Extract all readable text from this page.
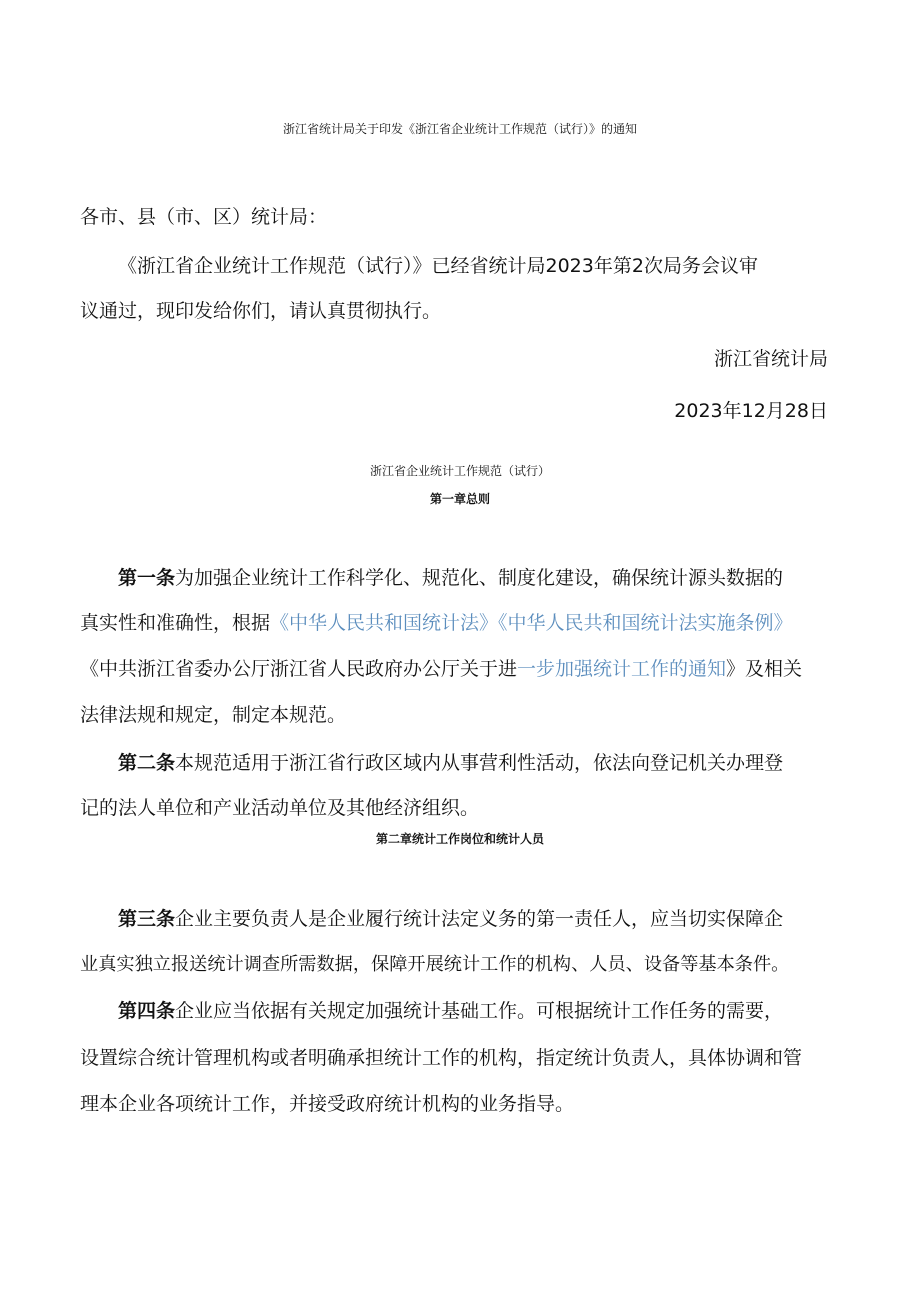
浙江省统计局关于印发《浙江省企业统计工作规范（试行）》的通知
各市、县（市、区）统计局：
《浙江省企业统计工作规范（试行）》已经省统计局2023年第2次局务会议审
议通过，现印发给你们，请认真贯彻执行。
浙江省统计局
2023年12月28日
浙江省企业统计工作规范（试行）
第一章总则
第一条为加强企业统计工作科学化、规范化、制度化建设，确保统计源头数据的
真实性和准确性，根据《中华人民共和国统计法》《中华人民共和国统计法实施条例》
《中共浙江省委办公厅浙江省人民政府办公厅关于进一步加强统计工作的通知》及相关
法律法规和规定，制定本规范。
第二条本规范适用于浙江省行政区域内从事营利性活动，依法向登记机关办理登
记的法人单位和产业活动单位及其他经济组织。
第二章统计工作岗位和统计人员
第三条企业主要负责人是企业履行统计法定义务的第一责任人，应当切实保障企
业真实独立报送统计调查所需数据，保障开展统计工作的机构、人员、设备等基本条件。
第四条企业应当依据有关规定加强统计基础工作。可根据统计工作任务的需要，
设置综合统计管理机构或者明确承担统计工作的机构，指定统计负责人，具体协调和管
理本企业各项统计工作，并接受政府统计机构的业务指导。
